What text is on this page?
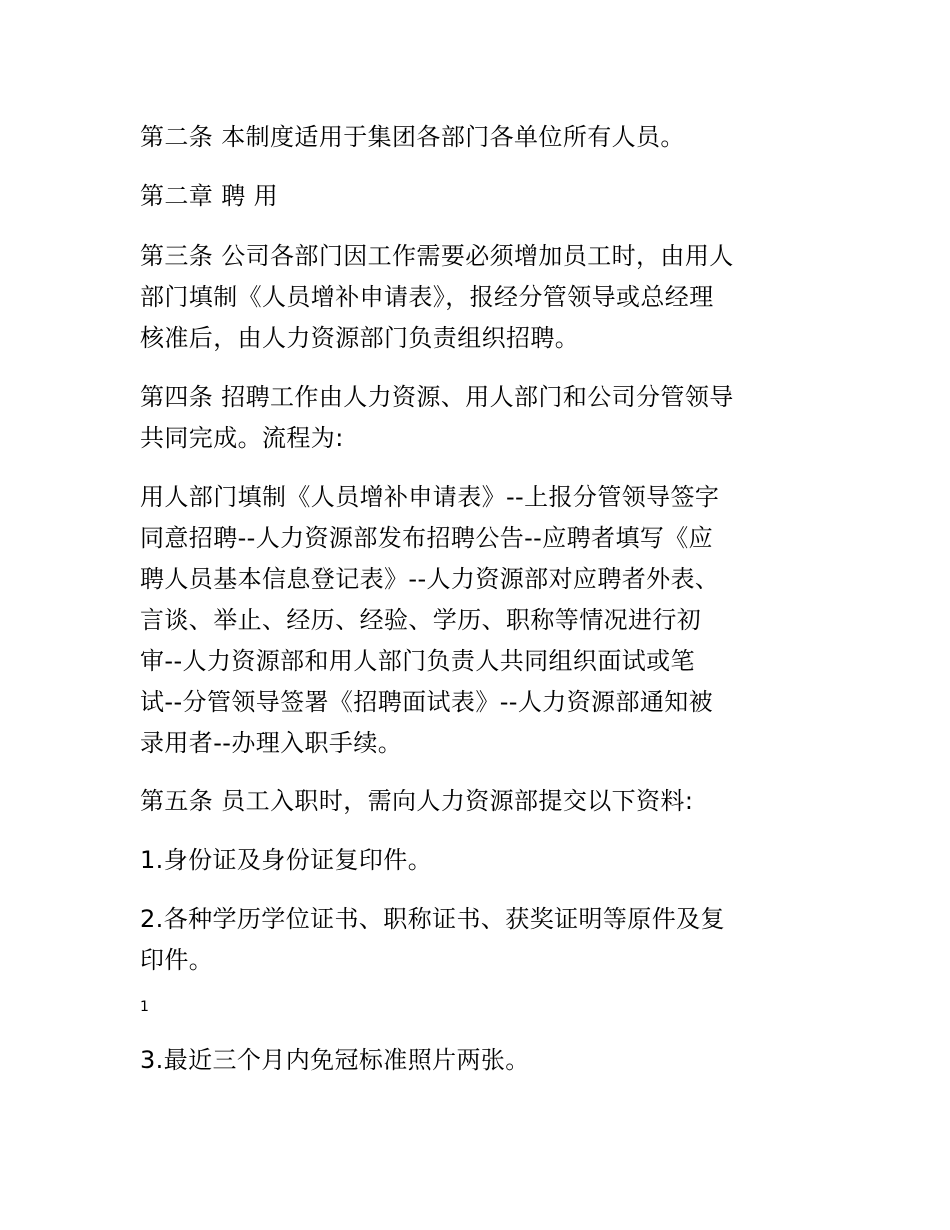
第二条 本制度适用于集团各部门各单位所有人员。

第二章 聘 用

第三条 公司各部门因工作需要必须增加员工时，由用人
部门填制《人员增补申请表》，报经分管领导或总经理
核准后，由人力资源部门负责组织招聘。

第四条 招聘工作由人力资源、用人部门和公司分管领导
共同完成。流程为:

用人部门填制《人员增补申请表》--上报分管领导签字
同意招聘--人力资源部发布招聘公告--应聘者填写《应
聘人员基本信息登记表》--人力资源部对应聘者外表、
言谈、举止、经历、经验、学历、职称等情况进行初
审--人力资源部和用人部门负责人共同组织面试或笔
试--分管领导签署《招聘面试表》--人力资源部通知被
录用者--办理入职手续。

第五条 员工入职时，需向人力资源部提交以下资料:

1.身份证及身份证复印件。

2.各种学历学位证书、职称证书、获奖证明等原件及复
印件。

1

3.最近三个月内免冠标准照片两张。
